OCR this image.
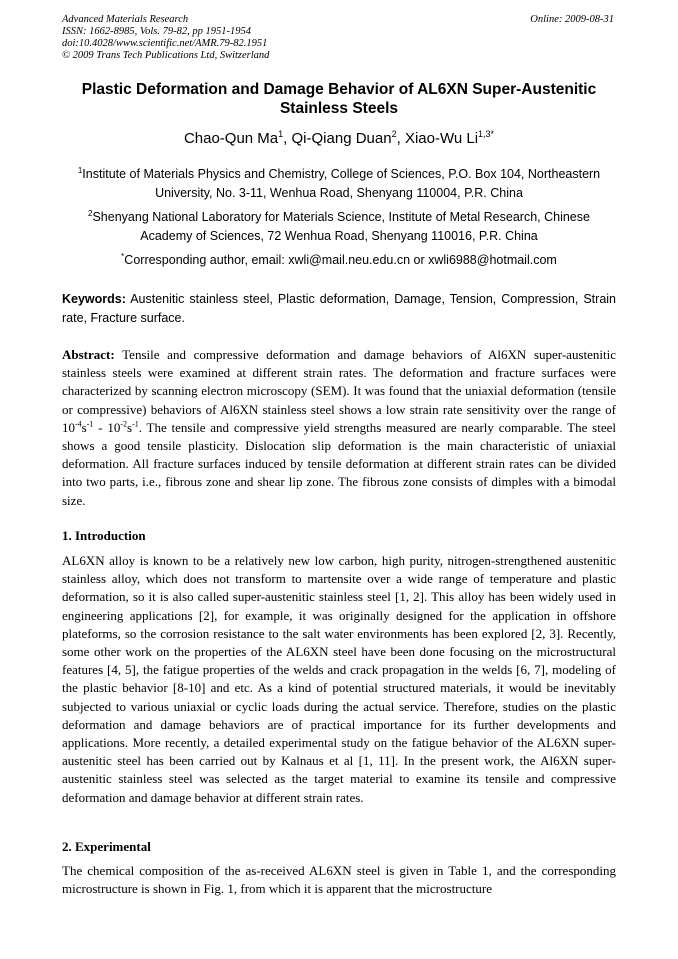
Advanced Materials Research
ISSN: 1662-8985, Vols. 79-82, pp 1951-1954
doi:10.4028/www.scientific.net/AMR.79-82.1951
© 2009 Trans Tech Publications Ltd, Switzerland
Online: 2009-08-31
Plastic Deformation and Damage Behavior of AL6XN Super-Austenitic Stainless Steels
Chao-Qun Ma$^1$, Qi-Qiang Duan$^2$, Xiao-Wu $Li^{1,3*}$
$^1$Institute of Materials Physics and Chemistry, College of Sciences, P.O. Box 104, Northeastern University, No. 3-11, Wenhua Road, Shenyang 110004, P.R. China
$^2$Shenyang National Laboratory for Materials Science, Institute of Metal Research, Chinese Academy of Sciences, 72 Wenhua Road, Shenyang 110016, P.R. China
*Corresponding author, email: xwli@mail.neu.edu.cn or xwli6988@hotmail.com
Keywords: Austenitic stainless steel, Plastic deformation, Damage, Tension, Compression, Strain rate, Fracture surface.
Abstract: Tensile and compressive deformation and damage behaviors of Al6XN super-austenitic stainless steels were examined at different strain rates. The deformation and fracture surfaces were characterized by scanning electron microscopy (SEM). It was found that the uniaxial deformation (tensile or compressive) behaviors of Al6XN stainless steel shows a low strain rate sensitivity over the range of $10^{-4}s^{-1} - 10^{-2}s^{-1}$. The tensile and compressive yield strengths measured are nearly comparable. The steel shows a good tensile plasticity. Dislocation slip deformation is the main characteristic of uniaxial deformation. All fracture surfaces induced by tensile deformation at different strain rates can be divided into two parts, i.e., fibrous zone and shear lip zone. The fibrous zone consists of dimples with a bimodal size.
1. Introduction
AL6XN alloy is known to be a relatively new low carbon, high purity, nitrogen-strengthened austenitic stainless alloy, which does not transform to martensite over a wide range of temperature and plastic deformation, so it is also called super-austenitic stainless steel [1, 2]. This alloy has been widely used in engineering applications [2], for example, it was originally designed for the application in offshore plateforms, so the corrosion resistance to the salt water environments has been explored [2, 3]. Recently, some other work on the properties of the AL6XN steel have been done focusing on the microstructural features [4, 5], the fatigue properties of the welds and crack propagation in the welds [6, 7], modeling of the plastic behavior [8-10] and etc. As a kind of potential structured materials, it would be inevitably subjected to various uniaxial or cyclic loads during the actual service. Therefore, studies on the plastic deformation and damage behaviors are of practical importance for its further developments and applications. More recently, a detailed experimental study on the fatigue behavior of the AL6XN super-austenitic steel has been carried out by Kalnaus et al [1, 11]. In the present work, the Al6XN super-austenitic stainless steel was selected as the target material to examine its tensile and compressive deformation and damage behavior at different strain rates.
2. Experimental
The chemical composition of the as-received AL6XN steel is given in Table 1, and the corresponding microstructure is shown in Fig. 1, from which it is apparent that the microstructure
